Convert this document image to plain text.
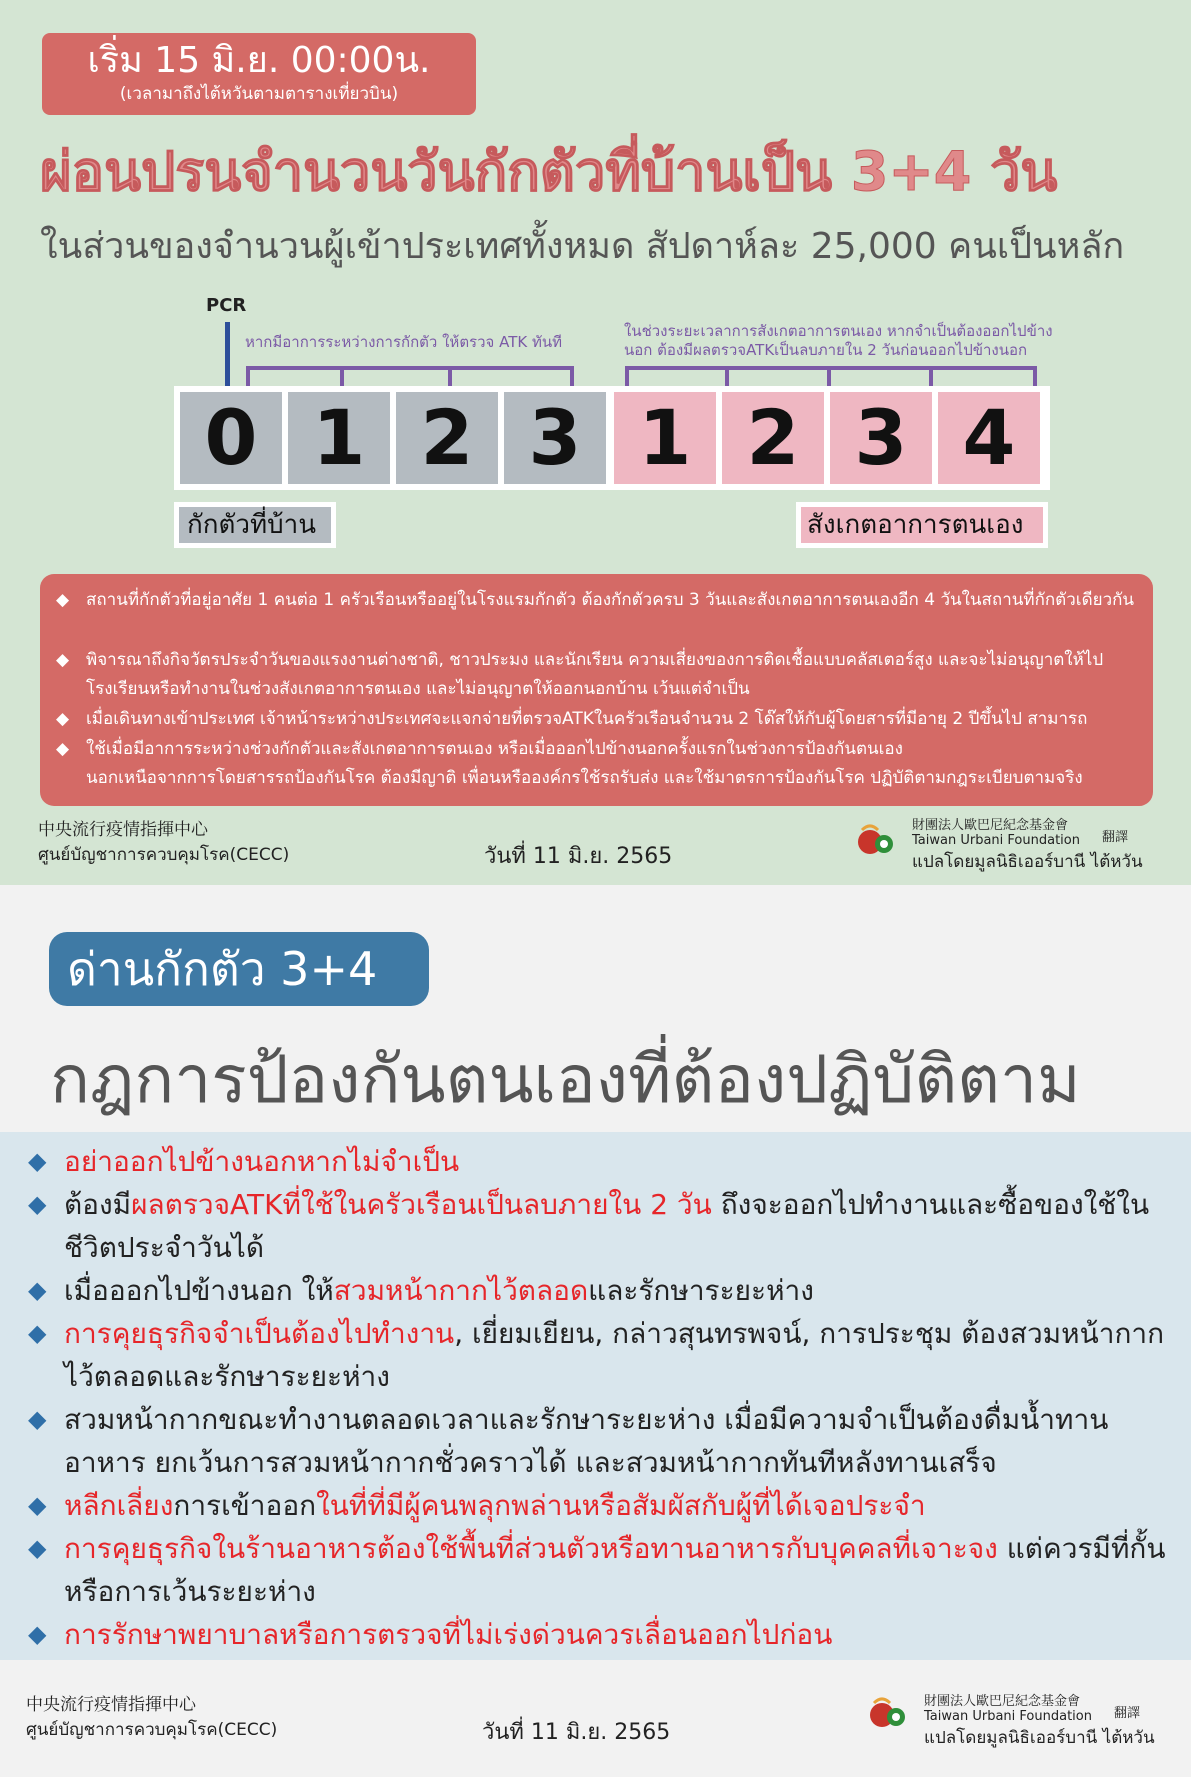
เริ่ม 15 มิ.ย. 00:00น.
(เวลามาถึงไต้หวันตามตารางเที่ยวบิน)
ผ่อนปรนจำนวนวันกักตัวที่บ้านเป็น 3+4 วัน
ในส่วนของจำนวนผู้เข้าประเทศทั้งหมด สัปดาห์ละ 25,000 คนเป็นหลัก
PCR
หากมีอาการระหว่างการกักตัว ให้ตรวจ ATK ทันที
ในช่วงระยะเวลาการสังเกตอาการตนเอง หากจำเป็นต้องออกไปข้าง
นอก ต้องมีผลตรวจATKเป็นลบภายใน 2 วันก่อนออกไปข้างนอก
0 1 2 3 1 2 3 4
กักตัวที่บ้าน	สังเกตอาการตนเอง
◆ สถานที่กักตัวที่อยู่อาศัย 1 คนต่อ 1 ครัวเรือนหรืออยู่ในโรงแรมกักตัว ต้องกักตัวครบ 3 วันและสังเกตอาการตนเองอีก 4 วันในสถานที่กักตัวเดียวกัน
◆ พิจารณาถึงกิจวัตรประจำวันของแรงงานต่างชาติ, ชาวประมง และนักเรียน ความเสี่ยงของการติดเชื้อแบบคลัสเตอร์สูง และจะไม่อนุญาตให้ไปโรงเรียนหรือทำงานในช่วงสังเกตอาการตนเอง และไม่อนุญาตให้ออกนอกบ้าน เว้นแต่จำเป็น
◆ เมื่อเดินทางเข้าประเทศ เจ้าหน้าระหว่างประเทศจะแจกจ่ายที่ตรวจATKในครัวเรือนจำนวน 2 โด๊สให้กับผู้โดยสารที่มีอายุ 2 ปีขึ้นไป สามารถ
◆ ใช้เมื่อมีอาการระหว่างช่วงกักตัวและสังเกตอาการตนเอง หรือเมื่อออกไปข้างนอกครั้งแรกในช่วงการป้องกันตนเอง
นอกเหนือจากการโดยสารรถป้องกันโรค ต้องมีญาติ เพื่อนหรือองค์กรใช้รถรับส่ง และใช้มาตรการป้องกันโรค ปฏิบัติตามกฎระเบียบตามจริง
中央流行疫情指揮中心
ศูนย์บัญชาการควบคุมโรค(CECC)	วันที่ 11 มิ.ย. 2565
財團法人歐巴尼紀念基金會
Taiwan Urbani Foundation
แปลโดยมูลนิธิเออร์บานี ไต้หวัน
翻譯
ด่านกักตัว 3+4
กฎการป้องกันตนเองที่ต้องปฏิบัติตาม
◆ อย่าออกไปข้างนอกหากไม่จำเป็น
◆ ต้องมีผลตรวจATKที่ใช้ในครัวเรือนเป็นลบภายใน 2 วัน ถึงจะออกไปทำงานและซื้อของใช้ในชีวิตประจำวันได้
◆ เมื่อออกไปข้างนอก ให้สวมหน้ากากไว้ตลอดและรักษาระยะห่าง
◆ การคุยธุรกิจจำเป็นต้องไปทำงาน, เยี่ยมเยียน, กล่าวสุนทรพจน์, การประชุม ต้องสวมหน้ากากไว้ตลอดและรักษาระยะห่าง
◆ สวมหน้ากากขณะทำงานตลอดเวลาและรักษาระยะห่าง เมื่อมีความจำเป็นต้องดื่มน้ำทานอาหาร ยกเว้นการสวมหน้ากากชั่วคราวได้ และสวมหน้ากากทันทีหลังทานเสร็จ
◆ หลีกเลี่ยงการเข้าออกในที่ที่มีผู้คนพลุกพล่านหรือสัมผัสกับผู้ที่ได้เจอประจำ
◆ การคุยธุรกิจในร้านอาหารต้องใช้พื้นที่ส่วนตัวหรือทานอาหารกับบุคคลที่เจาะจง แต่ควรมีที่กั้นหรือการเว้นระยะห่าง
◆ การรักษาพยาบาลหรือการตรวจที่ไม่เร่งด่วนควรเลื่อนออกไปก่อน
中央流行疫情指揮中心
ศูนย์บัญชาการควบคุมโรค(CECC)	วันที่ 11 มิ.ย. 2565
財團法人歐巴尼紀念基金會
Taiwan Urbani Foundation
แปลโดยมูลนิธิเออร์บานี ไต้หวัน
翻譯
